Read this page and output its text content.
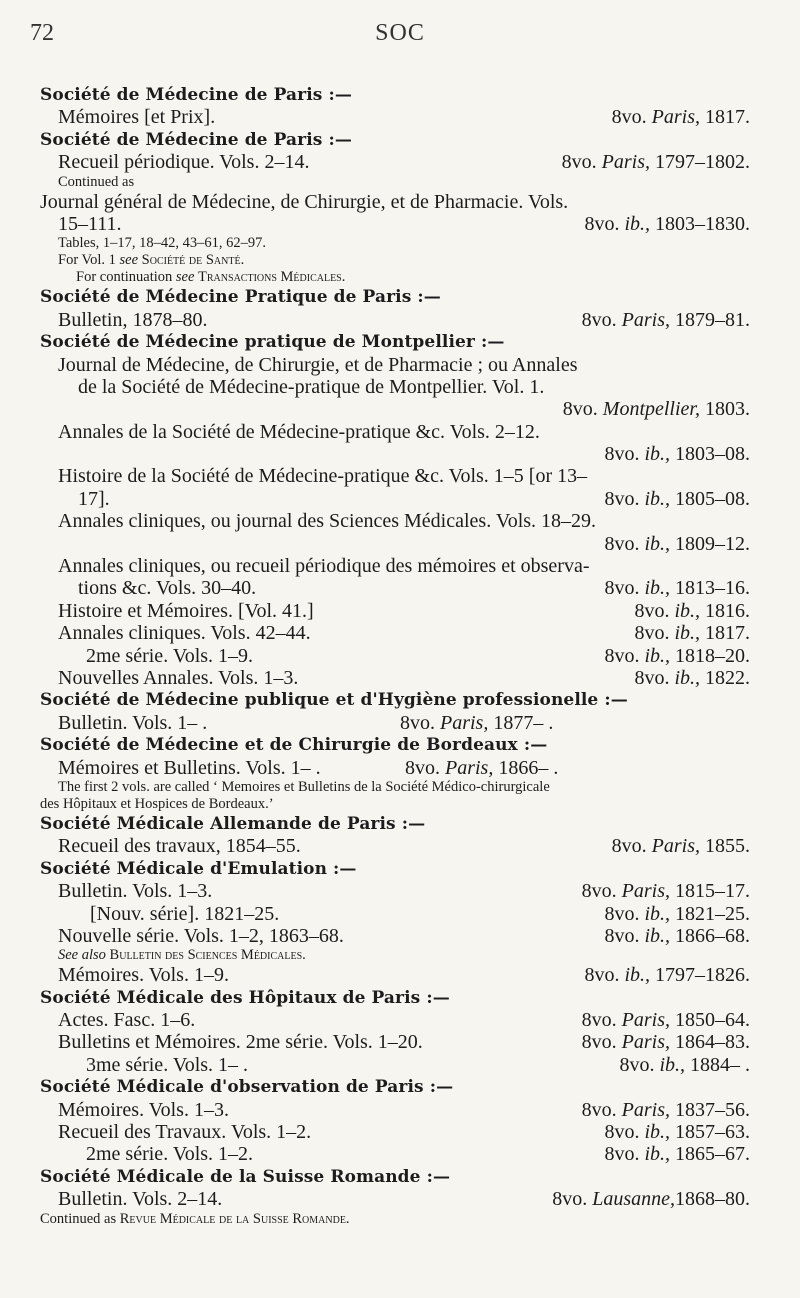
72	SOC
Société de Médecine de Paris :—
Mémoires [et Prix].	8vo. Paris, 1817.
Société de Médecine de Paris :—
Recueil périodique. Vols. 2–14.	8vo. Paris, 1797–1802.
Continued as
Journal général de Médecine, de Chirurgie, et de Pharmacie. Vols.
15–111.	8vo. ib., 1803–1830.
Tables, 1–17, 18–42, 43–61, 62–97.
For Vol. 1 see Société de Santé.
For continuation see Transactions Médicales.
Société de Médecine Pratique de Paris :—
Bulletin, 1878–80.	8vo. Paris, 1879–81.
Société de Médecine pratique de Montpellier :—
Journal de Médecine, de Chirurgie, et de Pharmacie ; ou Annales
de la Société de Médecine-pratique de Montpellier. Vol. 1.
8vo. Montpellier, 1803.
Annales de la Société de Médecine-pratique &c. Vols. 2–12.
8vo. ib., 1803–08.
Histoire de la Société de Médecine-pratique &c. Vols. 1–5 [or 13–
17].	8vo. ib., 1805–08.
Annales cliniques, ou journal des Sciences Médicales. Vols. 18–29.
8vo. ib., 1809–12.
Annales cliniques, ou recueil périodique des mémoires et observa-
tions &c. Vols. 30–40.	8vo. ib., 1813–16.
Histoire et Mémoires. [Vol. 41.]	8vo. ib., 1816.
Annales cliniques. Vols. 42–44.	8vo. ib., 1817.
2me série. Vols. 1–9.	8vo. ib., 1818–20.
Nouvelles Annales. Vols. 1–3.	8vo. ib., 1822.
Société de Médecine publique et d'Hygiène professionelle :—
Bulletin. Vols. 1– .	8vo. Paris, 1877– .
Société de Médecine et de Chirurgie de Bordeaux :—
Mémoires et Bulletins. Vols. 1– .	8vo. Paris, 1866– .
The first 2 vols. are called ‘ Memoires et Bulletins de la Société Médico-chirurgicale
des Hôpitaux et Hospices de Bordeaux.’
Société Médicale Allemande de Paris :—
Recueil des travaux, 1854–55.	8vo. Paris, 1855.
Société Médicale d'Emulation :—
Bulletin. Vols. 1–3.	8vo. Paris, 1815–17.
[Nouv. série]. 1821–25.	8vo. ib., 1821–25.
Nouvelle série. Vols. 1–2, 1863–68.	8vo. ib., 1866–68.
See also Bulletin des Sciences Médicales.
Mémoires. Vols. 1–9.	8vo. ib., 1797–1826.
Société Médicale des Hôpitaux de Paris :—
Actes. Fasc. 1–6.	8vo. Paris, 1850–64.
Bulletins et Mémoires. 2me série. Vols. 1–20.	8vo. Paris, 1864–83.
3me série. Vols. 1– .	8vo. ib., 1884– .
Société Médicale d'observation de Paris :—
Mémoires. Vols. 1–3.	8vo. Paris, 1837–56.
Recueil des Travaux. Vols. 1–2.	8vo. ib., 1857–63.
2me série. Vols. 1–2.	8vo. ib., 1865–67.
Société Médicale de la Suisse Romande :—
Bulletin. Vols. 2–14.	8vo. Lausanne,1868–80.
Continued as Revue Médicale de la Suisse Romande.
